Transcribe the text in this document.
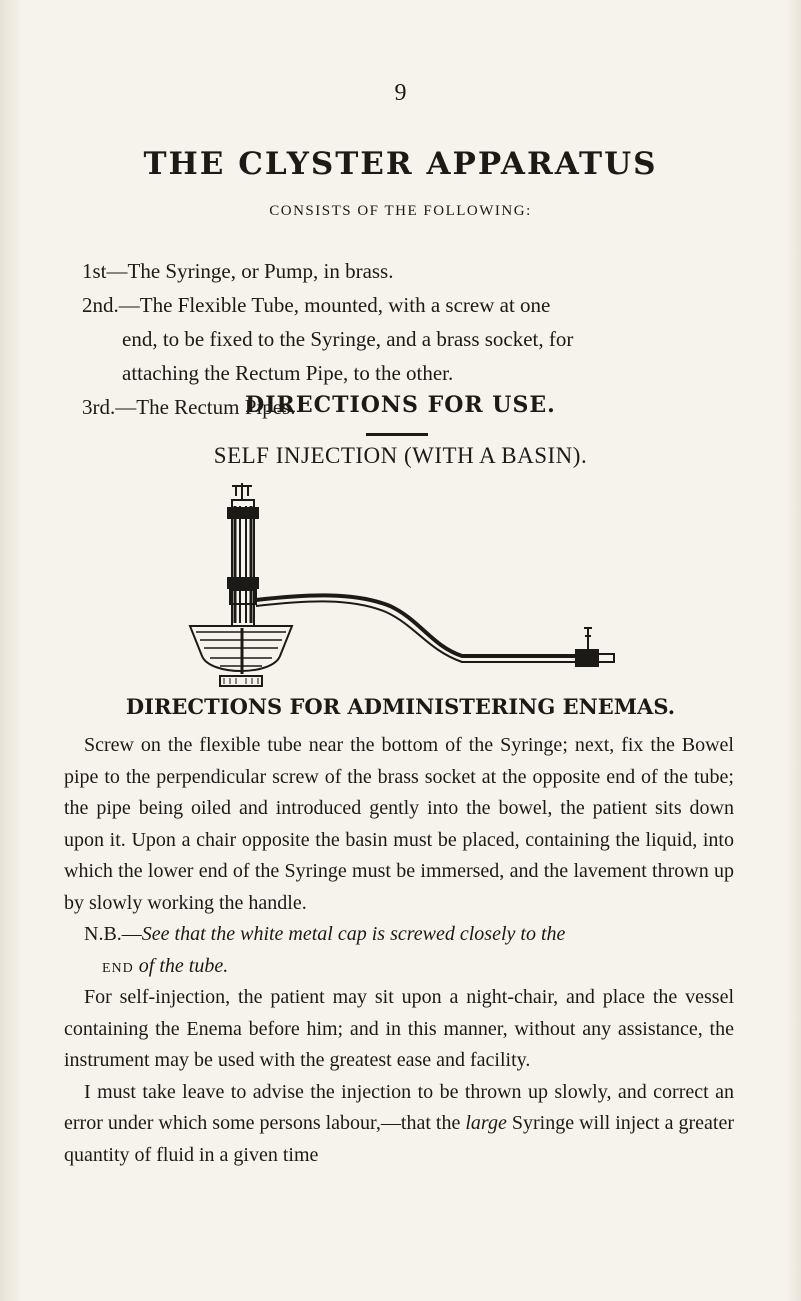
9
THE CLYSTER APPARATUS
CONSISTS OF THE FOLLOWING:
1st—The Syringe, or Pump, in brass.
2nd.—The Flexible Tube, mounted, with a screw at one
end, to be fixed to the Syringe, and a brass socket, for
attaching the Rectum Pipe, to the other.
3rd.—The Rectum Pipes.
DIRECTIONS FOR USE.
SELF INJECTION (WITH A BASIN).
DIRECTIONS FOR ADMINISTERING ENEMAS.

Screw on the flexible tube near the bottom of the Syringe; next, fix the Bowel pipe to the perpendicular screw of the brass socket at the opposite end of the tube; the pipe being oiled and introduced gently into the bowel, the patient sits down upon it. Upon a chair opposite the basin must be placed, containing the liquid, into which the lower end of the Syringe must be immersed, and the lavement thrown up by slowly working the handle.

N.B.—See that the white metal cap is screwed closely to the

end of the tube.

For self-injection, the patient may sit upon a night-chair, and place the vessel containing the Enema before him; and in this manner, without any assistance, the instrument may be used with the greatest ease and facility.

I must take leave to advise the injection to be thrown up slowly, and correct an error under which some persons labour,—that the large Syringe will inject a greater quantity of fluid in a given time
